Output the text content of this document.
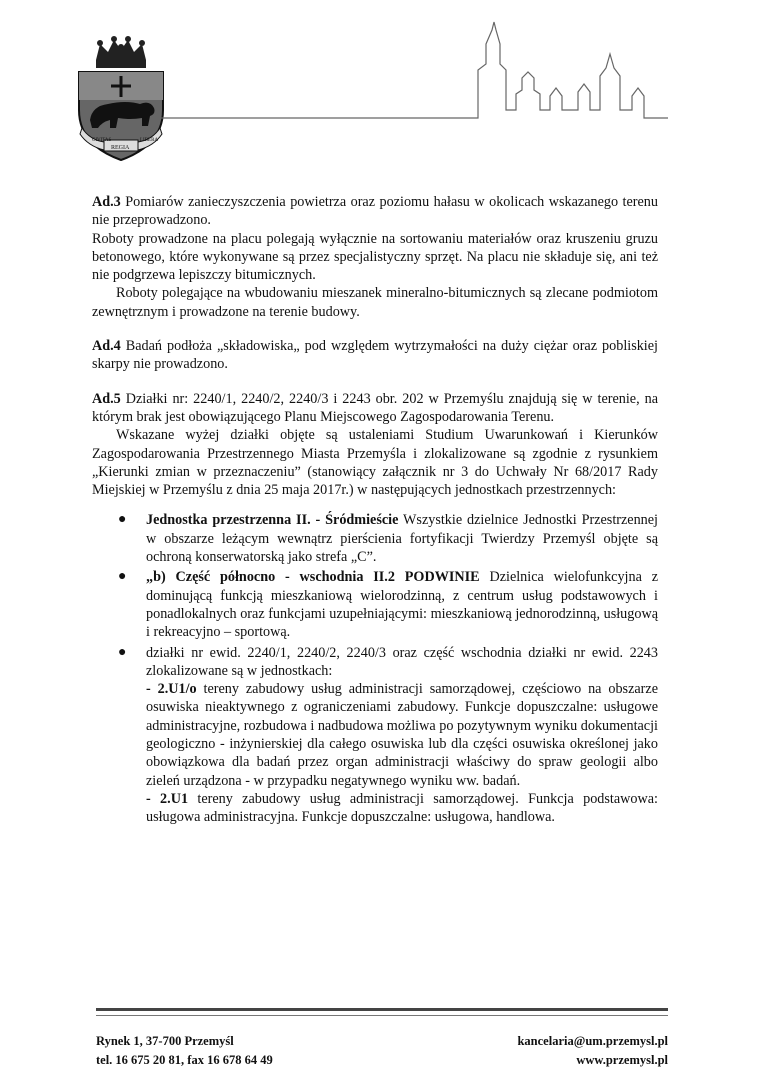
CIVITAS
REGIA
LIBERA

Ad.3 Pomiarów zanieczyszczenia powietrza oraz poziomu hałasu w okolicach wskazanego terenu nie przeprowadzono.

Roboty prowadzone na placu polegają wyłącznie na sortowaniu materiałów oraz kruszeniu gruzu betonowego, które wykonywane są przez specjalistyczny sprzęt. Na placu nie składuje się, ani też nie podgrzewa lepiszczy bitumicznych.

Roboty polegające na wbudowaniu mieszanek mineralno-bitumicznych są zlecane podmiotom zewnętrznym i prowadzone na terenie budowy.

Ad.4 Badań podłoża „składowiska„ pod względem wytrzymałości na duży ciężar oraz pobliskiej skarpy nie prowadzono.

Ad.5 Działki nr: 2240/1, 2240/2, 2240/3 i 2243 obr. 202 w Przemyślu znajdują się w terenie, na którym brak jest obowiązującego Planu Miejscowego Zagospodarowania Terenu.

Wskazane wyżej działki objęte są ustaleniami Studium Uwarunkowań i Kierunków Zagospodarowania Przestrzennego Miasta Przemyśla i zlokalizowane są zgodnie z rysunkiem „Kierunki zmian w przeznaczeniu” (stanowiący załącznik nr 3 do Uchwały Nr 68/2017 Rady Miejskiej w Przemyślu z dnia 25 maja 2017r.) w następujących jednostkach przestrzennych:

● Jednostka przestrzenna II. - Śródmieście Wszystkie dzielnice Jednostki Przestrzennej w obszarze leżącym wewnątrz pierścienia fortyfikacji Twierdzy Przemyśl objęte są ochroną konserwatorską jako strefa „C”.
● „b) Część północno - wschodnia II.2 PODWINIE Dzielnica wielofunkcyjna z dominującą funkcją mieszkaniową wielorodzinną, z centrum usług podstawowych i ponadlokalnych oraz funkcjami uzupełniającymi: mieszkaniową jednorodzinną, usługową i rekreacyjno – sportową.
● działki nr ewid. 2240/1, 2240/2, 2240/3 oraz część wschodnia działki nr ewid. 2243 zlokalizowane są w jednostkach:

- 2.U1/o tereny zabudowy usług administracji samorządowej, częściowo na obszarze osuwiska nieaktywnego z ograniczeniami zabudowy. Funkcje dopuszczalne: usługowe administracyjne, rozbudowa i nadbudowa możliwa po pozytywnym wyniku dokumentacji geologiczno - inżynierskiej dla całego osuwiska lub dla części osuwiska określonej jako obowiązkowa dla badań przez organ administracji właściwy do spraw geologii albo zieleń urządzona - w przypadku negatywnego wyniku ww. badań.

- 2.U1 tereny zabudowy usług administracji samorządowej. Funkcja podstawowa: usługowa administracyjna. Funkcje dopuszczalne: usługowa, handlowa.

Rynek 1, 37-700 Przemyśl
tel. 16 675 20 81, fax 16 678 64 49
kancelaria@um.przemysl.pl
www.przemysl.pl
